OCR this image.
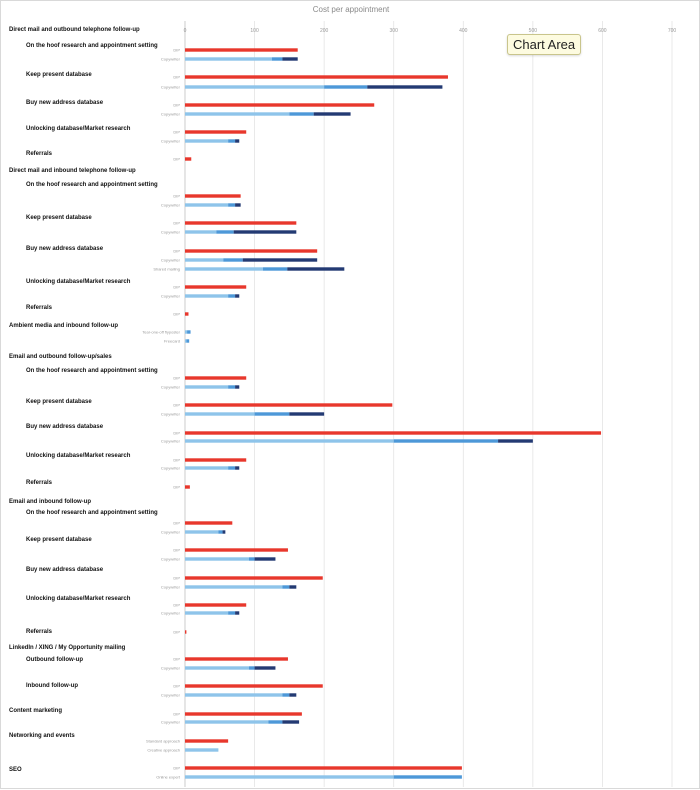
Cost per appointment
0	100	200	300	400	500	600	700
Direct mail and outbound telephone follow-up
On the hoof research and appointment setting
DIP
Copywriter
Keep present database	DIP
Copywriter
Buy new address database	DIP
Copywriter
Unlocking database/Market research	DIP
Copywriter
Referrals
DIP
Direct mail and inbound telephone follow-up
On the hoof research and appointment setting
DIP
Copywriter
Keep present database
DIP
Copywriter
Buy new address database	DIP
Copywriter
Shared mailing
Unlocking database/Market research
DIP
Copywriter
Referrals
DIP
Ambient media and inbound follow-up
Tear-one-off flyposter
Freecard
Email and outbound follow-up/sales
On the hoof research and appointment setting
DIP
Copywriter
Keep present database	DIP
Copywriter
Buy new address database
DIP
Copywriter
Unlocking database/Market research
DIP
Copywriter
Referrals
DIP
Email and inbound follow-up
On the hoof research and appointment setting
DIP
Copywriter
Keep present database
DIP
Copywriter
Buy new address database
DIP
Copywriter
Unlocking database/Market research
DIP
Copywriter
Referrals	DIP
LinkedIn / XING / My Opportunity mailing
Outbound follow-up	DIP
Copywriter
Inbound follow-up	DIP
Copywriter
Content marketing	DIP
Copywriter
Networking and events
Standard approach
Creative approach
SEO	DIP
Online expert
Chart Area
